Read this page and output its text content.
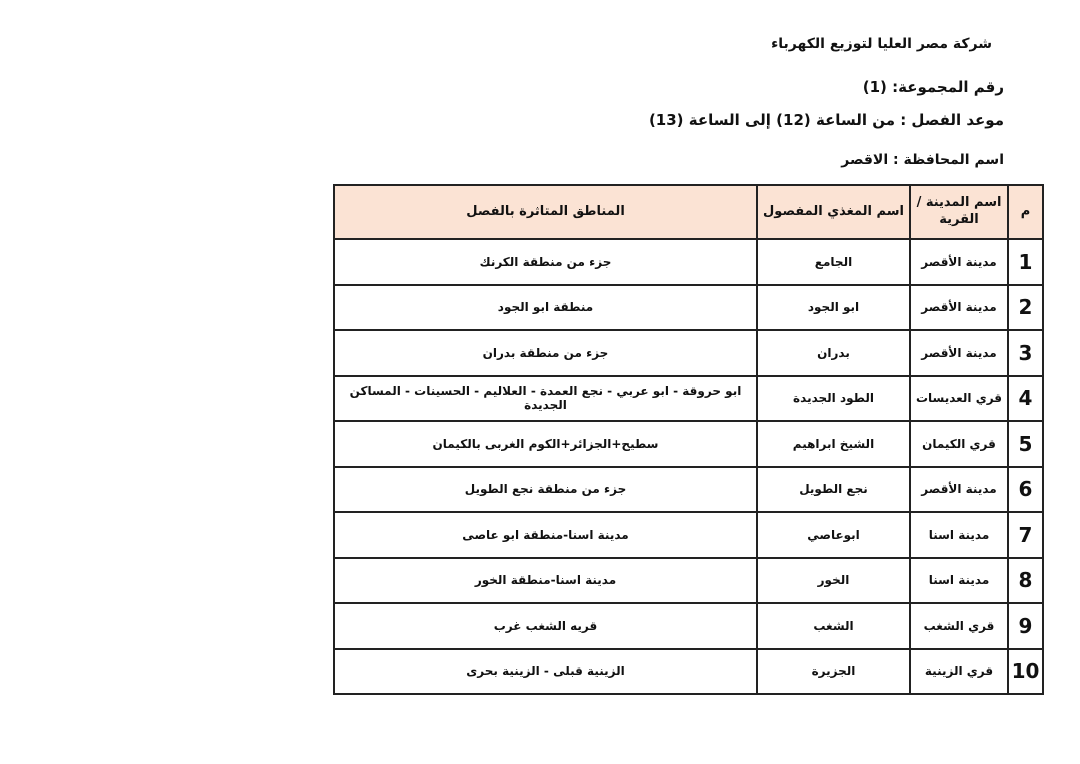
شركة مصر العليا لتوزيع الكهرباء
رقم المجموعة: (1)
موعد الفصل : من الساعة (12) إلى الساعة (13)
اسم المحافظة : الاقصر
م	اسم المدينة / القرية	اسم المغذي المفصول	المناطق المتاثرة بالفصل
1	مدينة الأقصر	الجامع	جزء من منطقة الكرنك
2	مدينة الأقصر	ابو الجود	منطقة ابو الجود
3	مدينة الأقصر	بدران	جزء من منطقة بدران
4	قري العديسات	الطود الجديدة	ابو حروقة - ابو عربي - نجع العمدة - العلاليم - الحسينات - المساكن الجديدة
5	قري الكيمان	الشيخ ابراهيم	سطيح+الجزائر+الكوم الغربى بالكيمان
6	مدينة الأقصر	نجع الطويل	جزء من منطقة نجع الطويل
7	مدينة اسنا	ابوعاصي	مدينة اسنا-منطقة ابو عاصى
8	مدينة اسنا	الخور	مدينة اسنا-منطقة الخور
9	قري الشغب	الشغب	قريه الشغب غرب
10	قري الزينية	الجزيرة	الزينية قبلى - الزينية بحرى
